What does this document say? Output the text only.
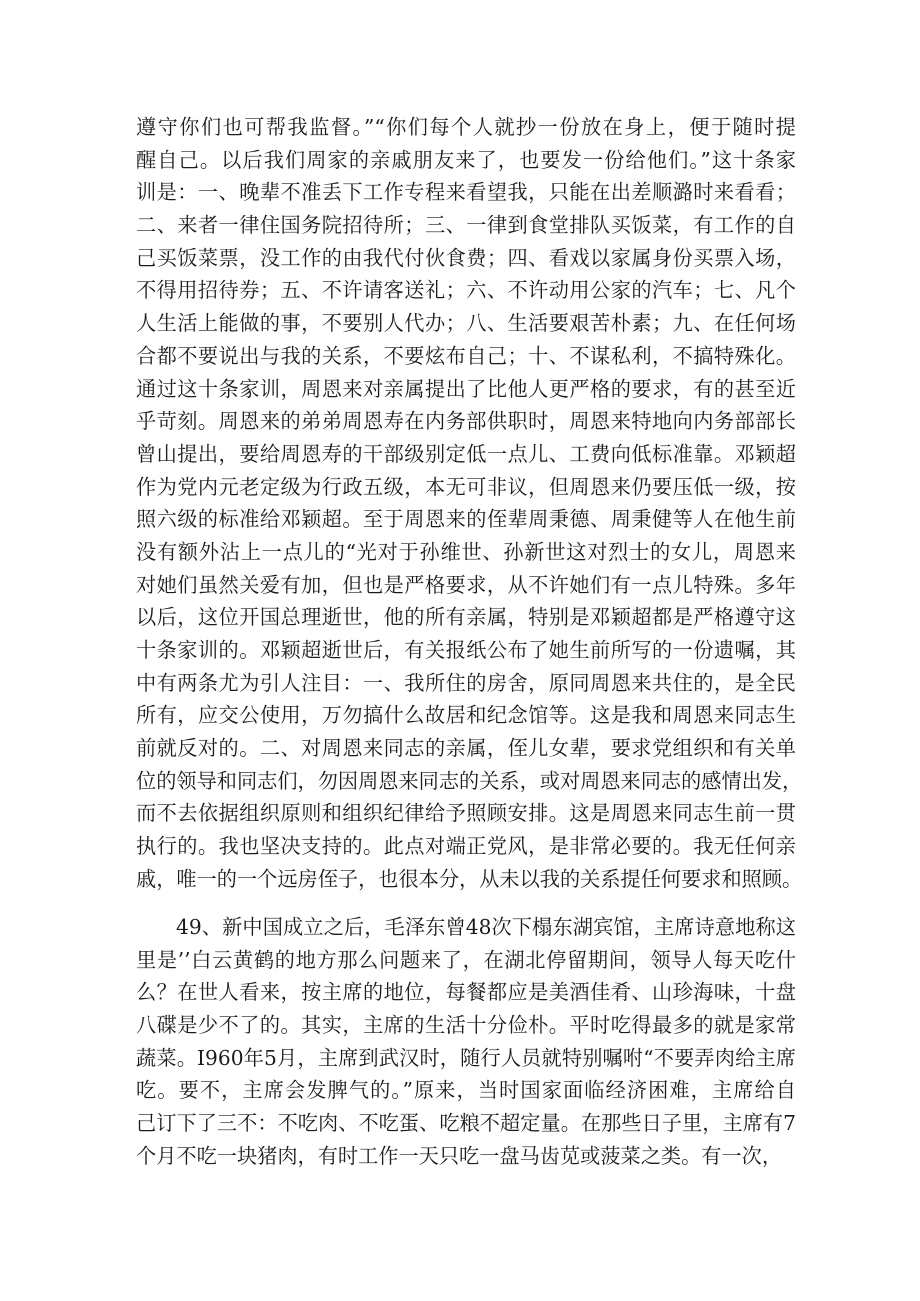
遵守你们也可帮我监督。”“你们每个人就抄一份放在身上，便于随时提
醒自己。以后我们周家的亲戚朋友来了，也要发一份给他们。”这十条家
训是：一、晚辈不准丢下工作专程来看望我，只能在出差顺潞时来看看；
二、来者一律住国务院招待所；三、一律到食堂排队买饭菜，有工作的自
己买饭菜票，没工作的由我代付伙食费；四、看戏以家属身份买票入场，
不得用招待券；五、不许请客送礼；六、不许动用公家的汽车；七、凡个
人生活上能做的事，不要别人代办；八、生活要艰苦朴素；九、在任何场
合都不要说出与我的关系，不要炫布自己；十、不谋私利，不搞特殊化。
通过这十条家训，周恩来对亲属提出了比他人更严格的要求，有的甚至近
乎苛刻。周恩来的弟弟周恩寿在内务部供职时，周恩来特地向内务部部长
曾山提出，要给周恩寿的干部级别定低一点儿、工费向低标准靠。邓颖超
作为党内元老定级为行政五级，本无可非议，但周恩来仍要压低一级，按
照六级的标准给邓颖超。至于周恩来的侄辈周秉德、周秉健等人在他生前
没有额外沾上一点儿的“光对于孙维世、孙新世这对烈士的女儿，周恩来
对她们虽然关爱有加，但也是严格要求，从不许她们有一点儿特殊。多年
以后，这位开国总理逝世，他的所有亲属，特别是邓颖超都是严格遵守这
十条家训的。邓颖超逝世后，有关报纸公布了她生前所写的一份遗嘱，其
中有两条尤为引人注目：一、我所住的房舍，原同周恩来共住的，是全民
所有，应交公使用，万勿搞什么故居和纪念馆等。这是我和周恩来同志生
前就反对的。二、对周恩来同志的亲属，侄儿女辈，要求党组织和有关单
位的领导和同志们，勿因周恩来同志的关系，或对周恩来同志的感情出发，
而不去依据组织原则和组织纪律给予照顾安排。这是周恩来同志生前一贯
执行的。我也坚决支持的。此点对端正党风，是非常必要的。我无任何亲
戚，唯一的一个远房侄子，也很本分，从未以我的关系提任何要求和照顾。
49、新中国成立之后，毛泽东曾48次下榻东湖宾馆，主席诗意地称这
里是’’白云黄鹤的地方那么问题来了，在湖北停留期间，领导人每天吃什
么？在世人看来，按主席的地位，每餐都应是美酒佳肴、山珍海味，十盘
八碟是少不了的。其实，主席的生活十分俭朴。平时吃得最多的就是家常
蔬菜。I960年5月，主席到武汉时，随行人员就特别嘱咐“不要弄肉给主席
吃。要不，主席会发脾气的。”原来，当时国家面临经济困难，主席给自
己订下了三不：不吃肉、不吃蛋、吃粮不超定量。在那些日子里，主席有7
个月不吃一块猪肉，有时工作一天只吃一盘马齿苋或菠菜之类。有一次，
